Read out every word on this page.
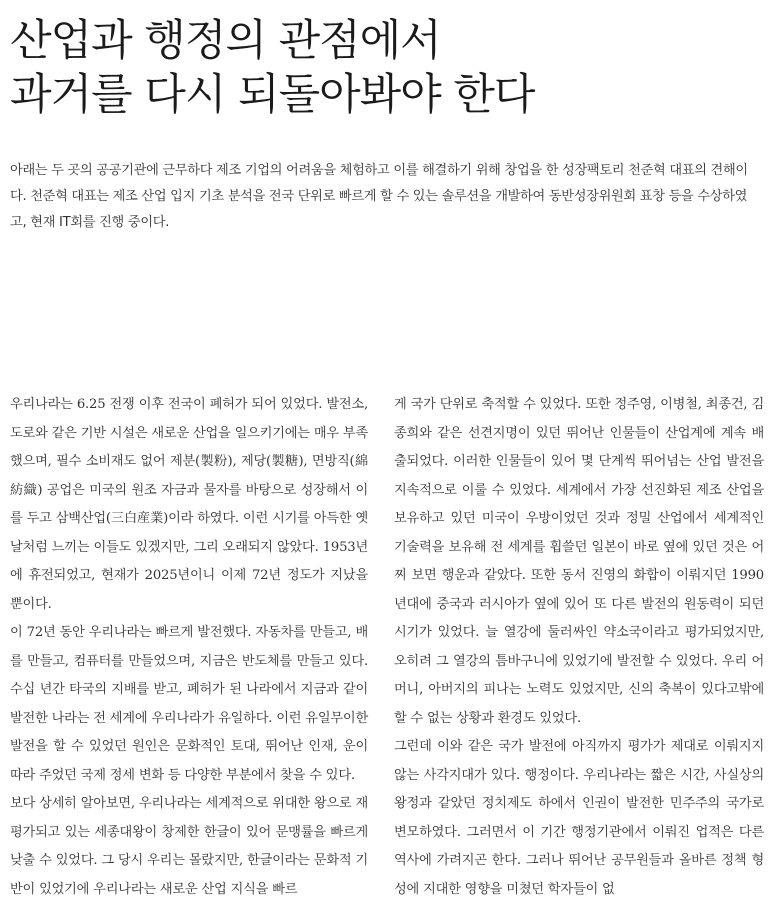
산업과 행정의 관점에서
과거를 다시 되돌아봐야 한다

아래는 두 곳의 공공기관에 근무하다 제조 기업의 어려움을 체험하고 이를 해결하기 위해 창업을 한 성장팩토리 천준혁 대표의 견해이다. 천준혁 대표는 제조 산업 입지 기초 분석을 전국 단위로 빠르게 할 수 있는 솔루션을 개발하여 동반성장위원회 표창 등을 수상하였고, 현재 IT회를 진행 중이다.

우리나라는 6.25 전쟁 이후 전국이 폐허가 되어 있었다. 발전소, 도로와 같은 기반 시설은 새로운 산업을 일으키기에는 매우 부족했으며, 필수 소비재도 없어 제분(製粉), 제당(製糖), 면방직(綿紡織) 공업은 미국의 원조 자금과 물자를 바탕으로 성장해서 이를 두고 삼백산업(三白産業)이라 하였다. 이런 시기를 아득한 옛날처럼 느끼는 이들도 있겠지만, 그리 오래되지 않았다. 1953년에 휴전되었고, 현재가 2025년이니 이제 72년 정도가 지났을 뿐이다.

이 72년 동안 우리나라는 빠르게 발전했다. 자동차를 만들고, 배를 만들고, 컴퓨터를 만들었으며, 지금은 반도체를 만들고 있다. 수십 년간 타국의 지배를 받고, 폐허가 된 나라에서 지금과 같이 발전한 나라는 전 세계에 우리나라가 유일하다. 이런 유일무이한 발전을 할 수 있었던 원인은 문화적인 토대, 뛰어난 인재, 운이 따라 주었던 국제 정세 변화 등 다양한 부분에서 찾을 수 있다.

보다 상세히 알아보면, 우리나라는 세계적으로 위대한 왕으로 재평가되고 있는 세종대왕이 창제한 한글이 있어 문맹률을 빠르게 낮출 수 있었다. 그 당시 우리는 몰랐지만, 한글이라는 문화적 기반이 있었기에 우리나라는 새로운 산업 지식을 빠르

게 국가 단위로 축적할 수 있었다. 또한 정주영, 이병철, 최종건, 김종희와 같은 선견지명이 있던 뛰어난 인물들이 산업계에 계속 배출되었다. 이러한 인물들이 있어 몇 단계씩 뛰어넘는 산업 발전을 지속적으로 이룰 수 있었다. 세계에서 가장 선진화된 제조 산업을 보유하고 있던 미국이 우방이었던 것과 정밀 산업에서 세계적인 기술력을 보유해 전 세계를 휩쓸던 일본이 바로 옆에 있던 것은 어찌 보면 행운과 같았다. 또한 동서 진영의 화합이 이뤄지던 1990년대에 중국과 러시아가 옆에 있어 또 다른 발전의 원동력이 되던 시기가 있었다. 늘 열강에 둘러싸인 약소국이라고 평가되었지만, 오히려 그 열강의 틈바구니에 있었기에 발전할 수 있었다. 우리 어머니, 아버지의 피나는 노력도 있었지만, 신의 축복이 있다고밖에 할 수 없는 상황과 환경도 있었다.

그런데 이와 같은 국가 발전에 아직까지 평가가 제대로 이뤄지지 않는 사각지대가 있다. 행정이다. 우리나라는 짧은 시간, 사실상의 왕정과 같았던 정치제도 하에서 인권이 발전한 민주주의 국가로 변모하였다. 그러면서 이 기간 행정기관에서 이뤄진 업적은 다른 역사에 가려지곤 한다. 그러나 뛰어난 공무원들과 올바른 정책 형성에 지대한 영향을 미쳤던 학자들이 없
